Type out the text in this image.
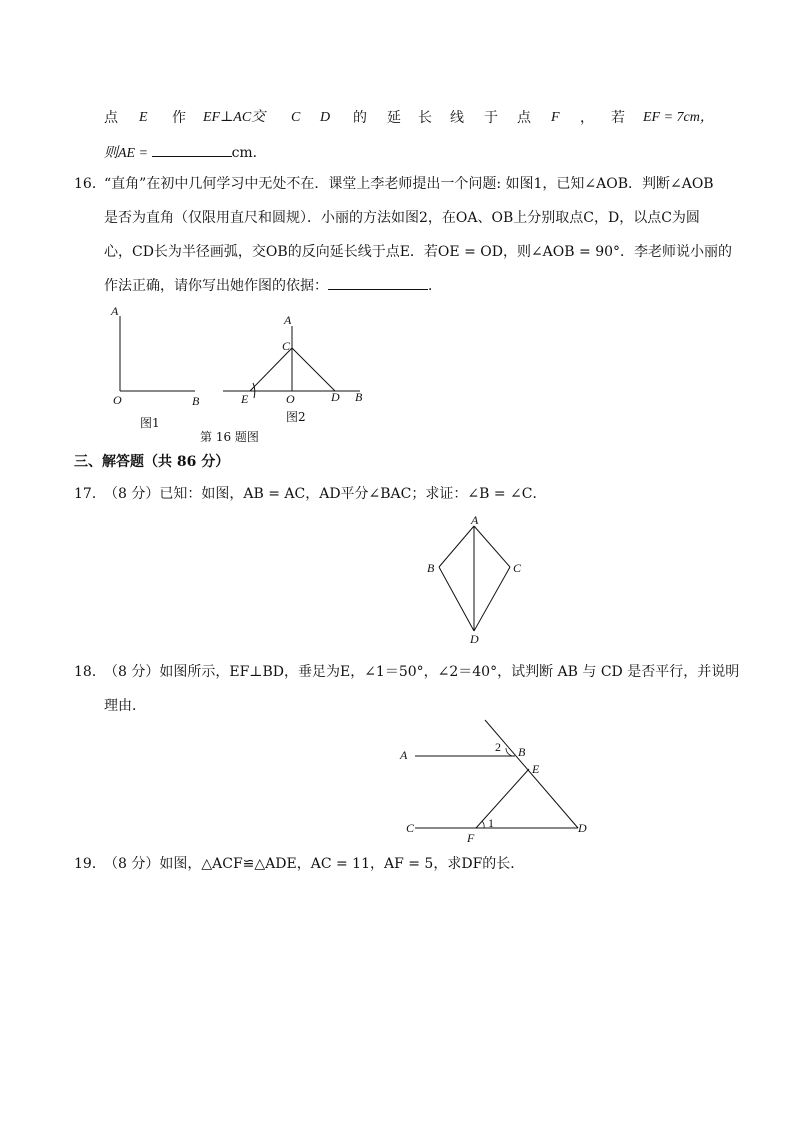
点 E 作 EF⊥AC交 C D 的 延 长 线 于 点 F ， 若 EF = 7cm，
则AE =	cm．
16．
“直角”在初中几何学习中无处不在．课堂上李老师提出一个问题: 如图1，已知∠AOB．判断∠AOB
是否为直角（仅限用直尺和圆规）．小丽的方法如图2，在OA、OB上分别取点C，D，以点C为圆
心，CD长为半径画弧，交OB的反向延长线于点E．若OE = OD，则∠AOB = 90°．李老师说小丽的
作法正确，请你写出她作图的依据：	．
A
O	B
图1
A
C
E	O	D B
图2
第 16 题图
三、解答题（共 86 分）
17．
（8 分）已知：如图，AB = AC，AD平分∠BAC；求证：∠B = ∠C．
A
B	C
D
18．
（8 分）如图所示，EF⊥BD，垂足为E，∠1＝50°，∠2＝40°，试判断 AB 与 CD 是否平行，并说明
理由．
A
2 B
E
C
F
1	D
19．
（8 分）如图，△ACF≌△ADE，AC = 11，AF = 5，求DF的长．
